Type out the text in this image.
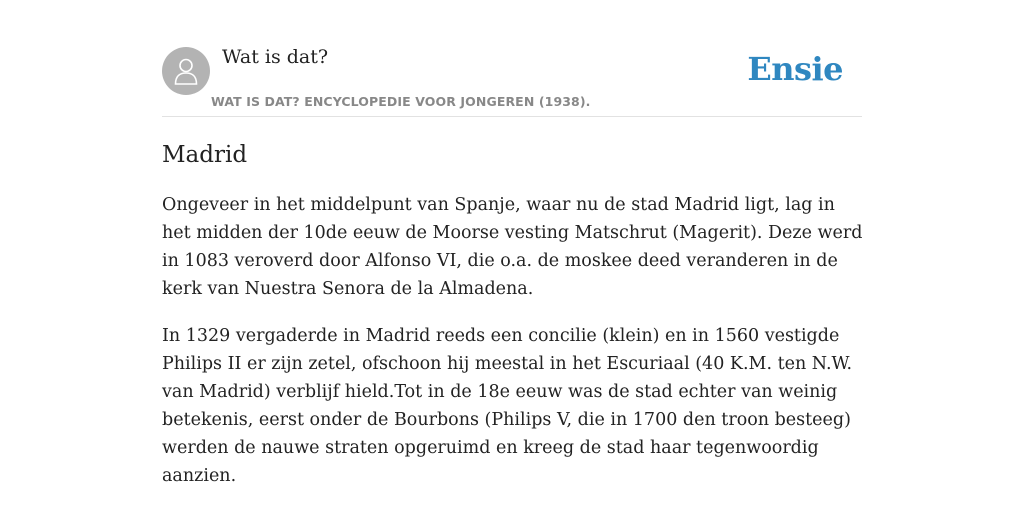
Wat is dat?
WAT IS DAT? ENCYCLOPEDIE VOOR JONGEREN (1938).
Ensie
Madrid

Ongeveer in het middelpunt van Spanje, waar nu de stad Madrid ligt, lag in het midden der 10de eeuw de Moorse vesting Matschrut (Magerit). Deze werd in 1083 veroverd door Alfonso VI, die o.a. de moskee deed veranderen in de kerk van Nuestra Senora de la Almadena.

In 1329 vergaderde in Madrid reeds een concilie (klein) en in 1560 vestigde Philips II er zijn zetel, ofschoon hij meestal in het Escuriaal (40 K.M. ten N.W. van Madrid) verblijf hield.Tot in de 18e eeuw was de stad echter van weinig betekenis, eerst onder de Bourbons (Philips V, die in 1700 den troon besteeg) werden de nauwe straten opgeruimd en kreeg de stad haar tegenwoordig aanzien.
